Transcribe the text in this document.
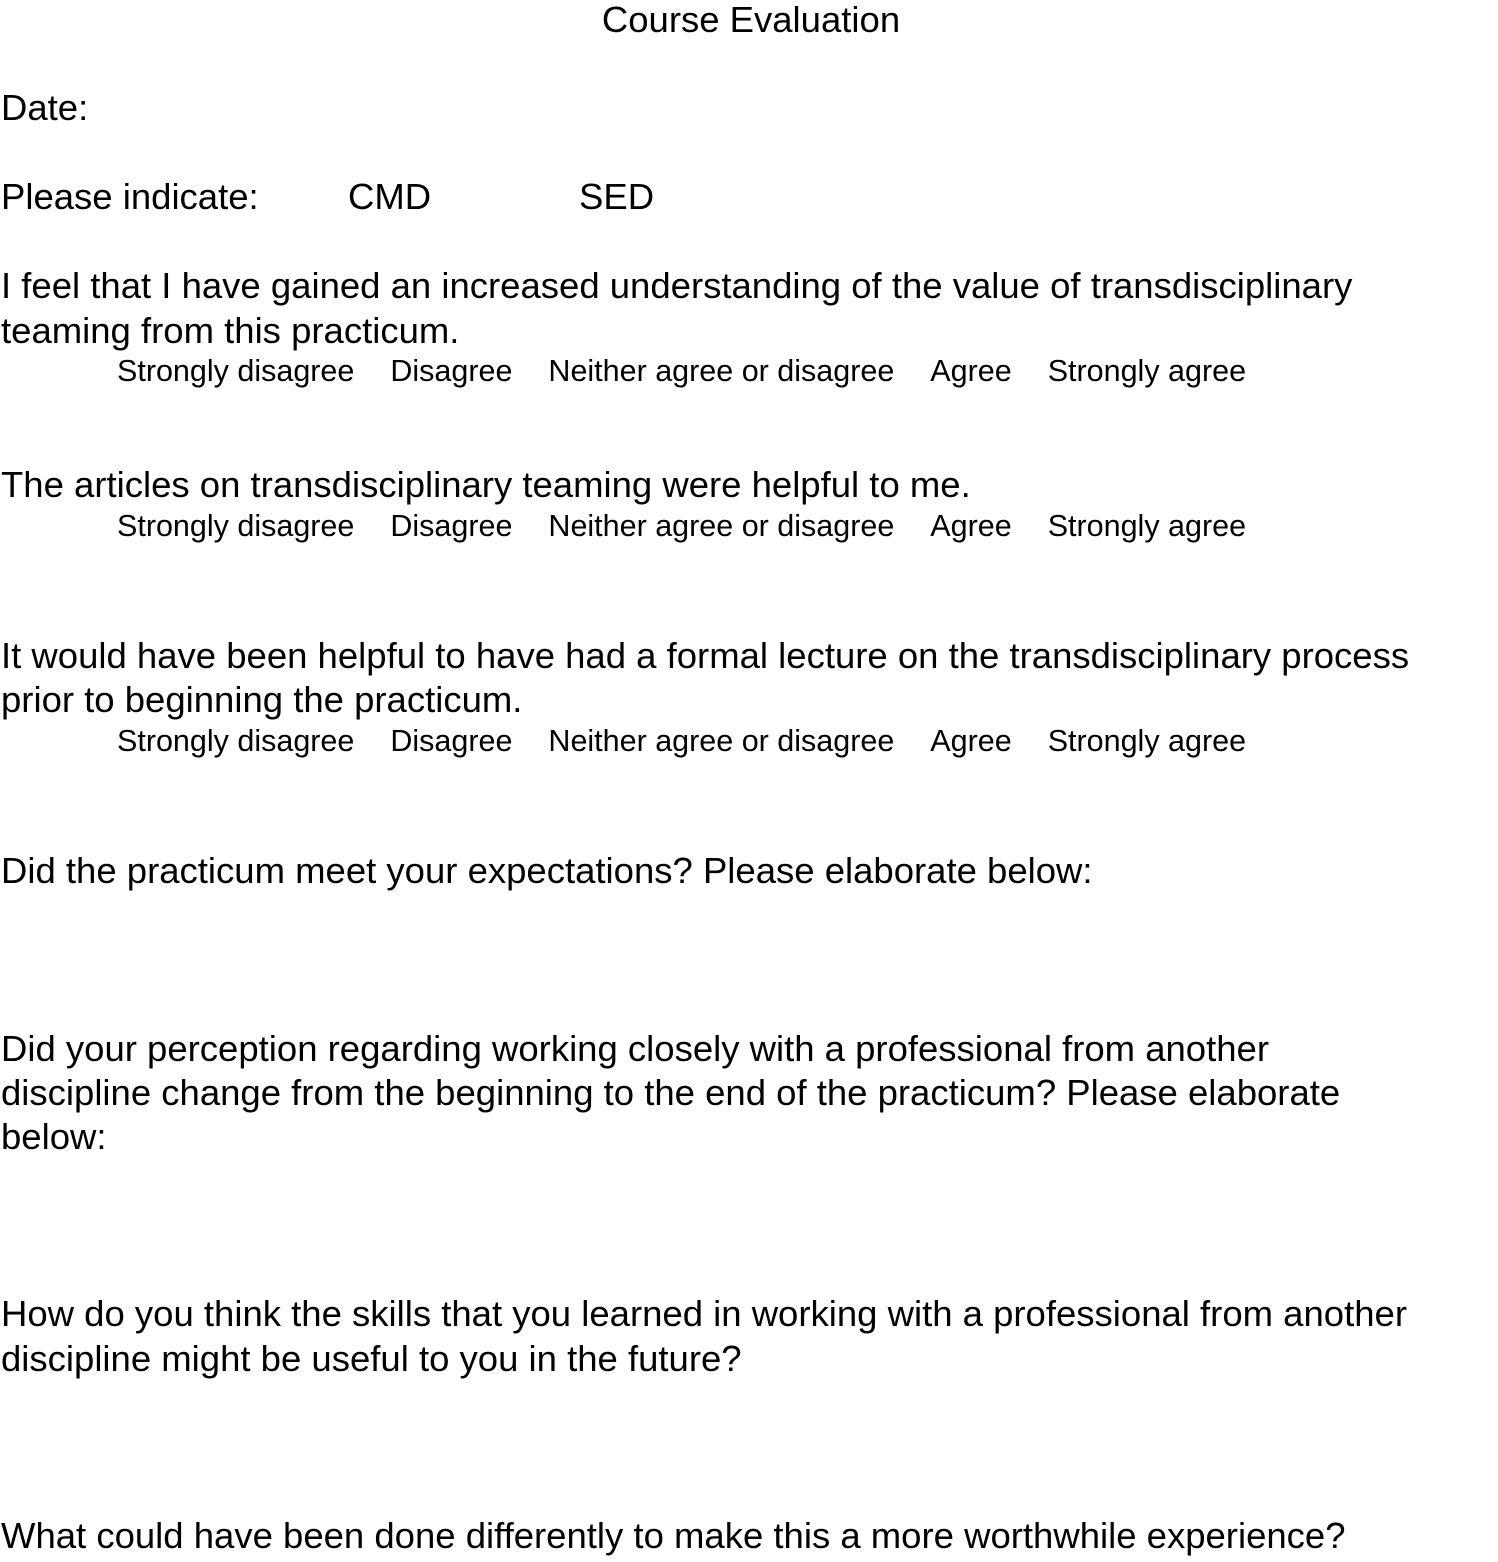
Course Evaluation
Date:
Please indicate: CMD	SED
I feel that I have gained an increased understanding of the value of transdisciplinary
teaming from this practicum.
Strongly disagree Disagree Neither agree or disagree Agree Strongly agree
The articles on transdisciplinary teaming were helpful to me.
Strongly disagree Disagree Neither agree or disagree Agree Strongly agree
It would have been helpful to have had a formal lecture on the transdisciplinary process
prior to beginning the practicum.
Strongly disagree Disagree Neither agree or disagree Agree Strongly agree
Did the practicum meet your expectations? Please elaborate below:
Did your perception regarding working closely with a professional from another
discipline change from the beginning to the end of the practicum? Please elaborate
below:
How do you think the skills that you learned in working with a professional from another
discipline might be useful to you in the future?
What could have been done differently to make this a more worthwhile experience?
